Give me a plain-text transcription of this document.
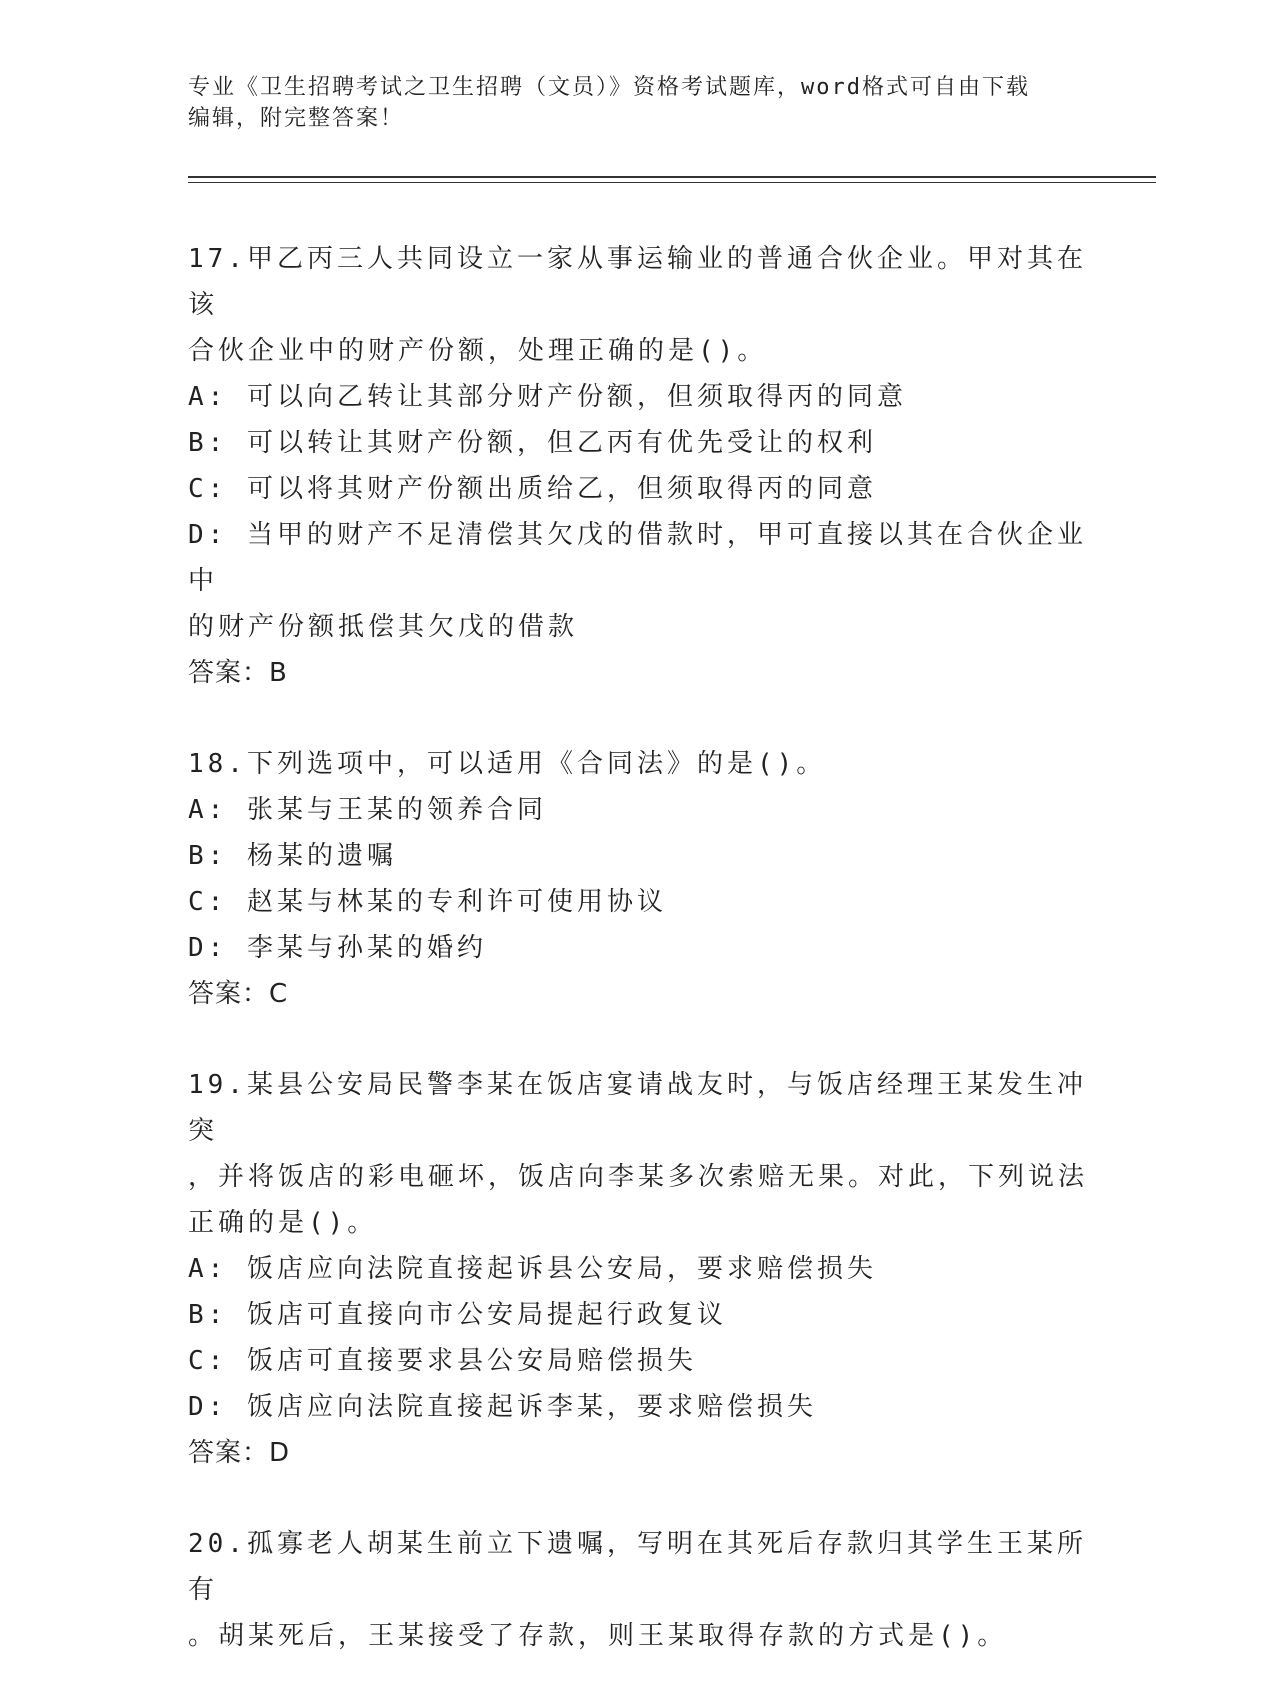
专业《卫生招聘考试之卫生招聘（文员）》资格考试题库，word格式可自由下载
编辑，附完整答案！
17.甲乙丙三人共同设立一家从事运输业的普通合伙企业。甲对其在该
合伙企业中的财产份额，处理正确的是()。
A: 可以向乙转让其部分财产份额，但须取得丙的同意
B: 可以转让其财产份额，但乙丙有优先受让的权利
C: 可以将其财产份额出质给乙，但须取得丙的同意
D: 当甲的财产不足清偿其欠戊的借款时，甲可直接以其在合伙企业中
的财产份额抵偿其欠戊的借款
答案：B
18.下列选项中，可以适用《合同法》的是()。
A: 张某与王某的领养合同
B: 杨某的遗嘱
C: 赵某与林某的专利许可使用协议
D: 李某与孙某的婚约
答案：C
19.某县公安局民警李某在饭店宴请战友时，与饭店经理王某发生冲突
，并将饭店的彩电砸坏，饭店向李某多次索赔无果。对此，下列说法
正确的是()。
A: 饭店应向法院直接起诉县公安局，要求赔偿损失
B: 饭店可直接向市公安局提起行政复议
C: 饭店可直接要求县公安局赔偿损失
D: 饭店应向法院直接起诉李某，要求赔偿损失
答案：D
20.孤寡老人胡某生前立下遗嘱，写明在其死后存款归其学生王某所有
。胡某死后，王某接受了存款，则王某取得存款的方式是()。
